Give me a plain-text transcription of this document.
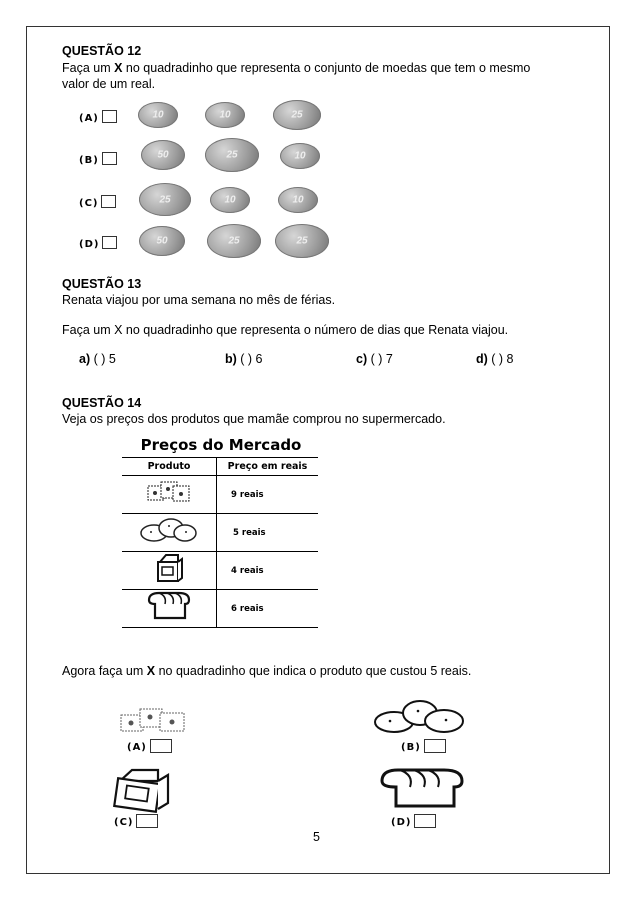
QUESTÃO 12
Faça um X no quadradinho que representa o conjunto de moedas que tem o mesmo valor de um real.
(A)	10	10	25
(B)	50	25	10
(C)	25	10	10
(D)	50	25	25
QUESTÃO 13
Renata viajou por uma semana no mês de férias.
Faça um X no quadradinho que representa o número de dias que Renata viajou.
a) ( ) 5	b) ( ) 6	c) ( ) 7	d) ( ) 8
QUESTÃO 14
Veja os preços dos produtos que mamãe comprou no supermercado.
Preços do Mercado
Produto	Preço em reais
	9 reais
	5 reais
	4 reais
	6 reais
Agora faça um X no quadradinho que indica o produto que custou 5 reais.
(A)	(B)
(C)	(D)
5
